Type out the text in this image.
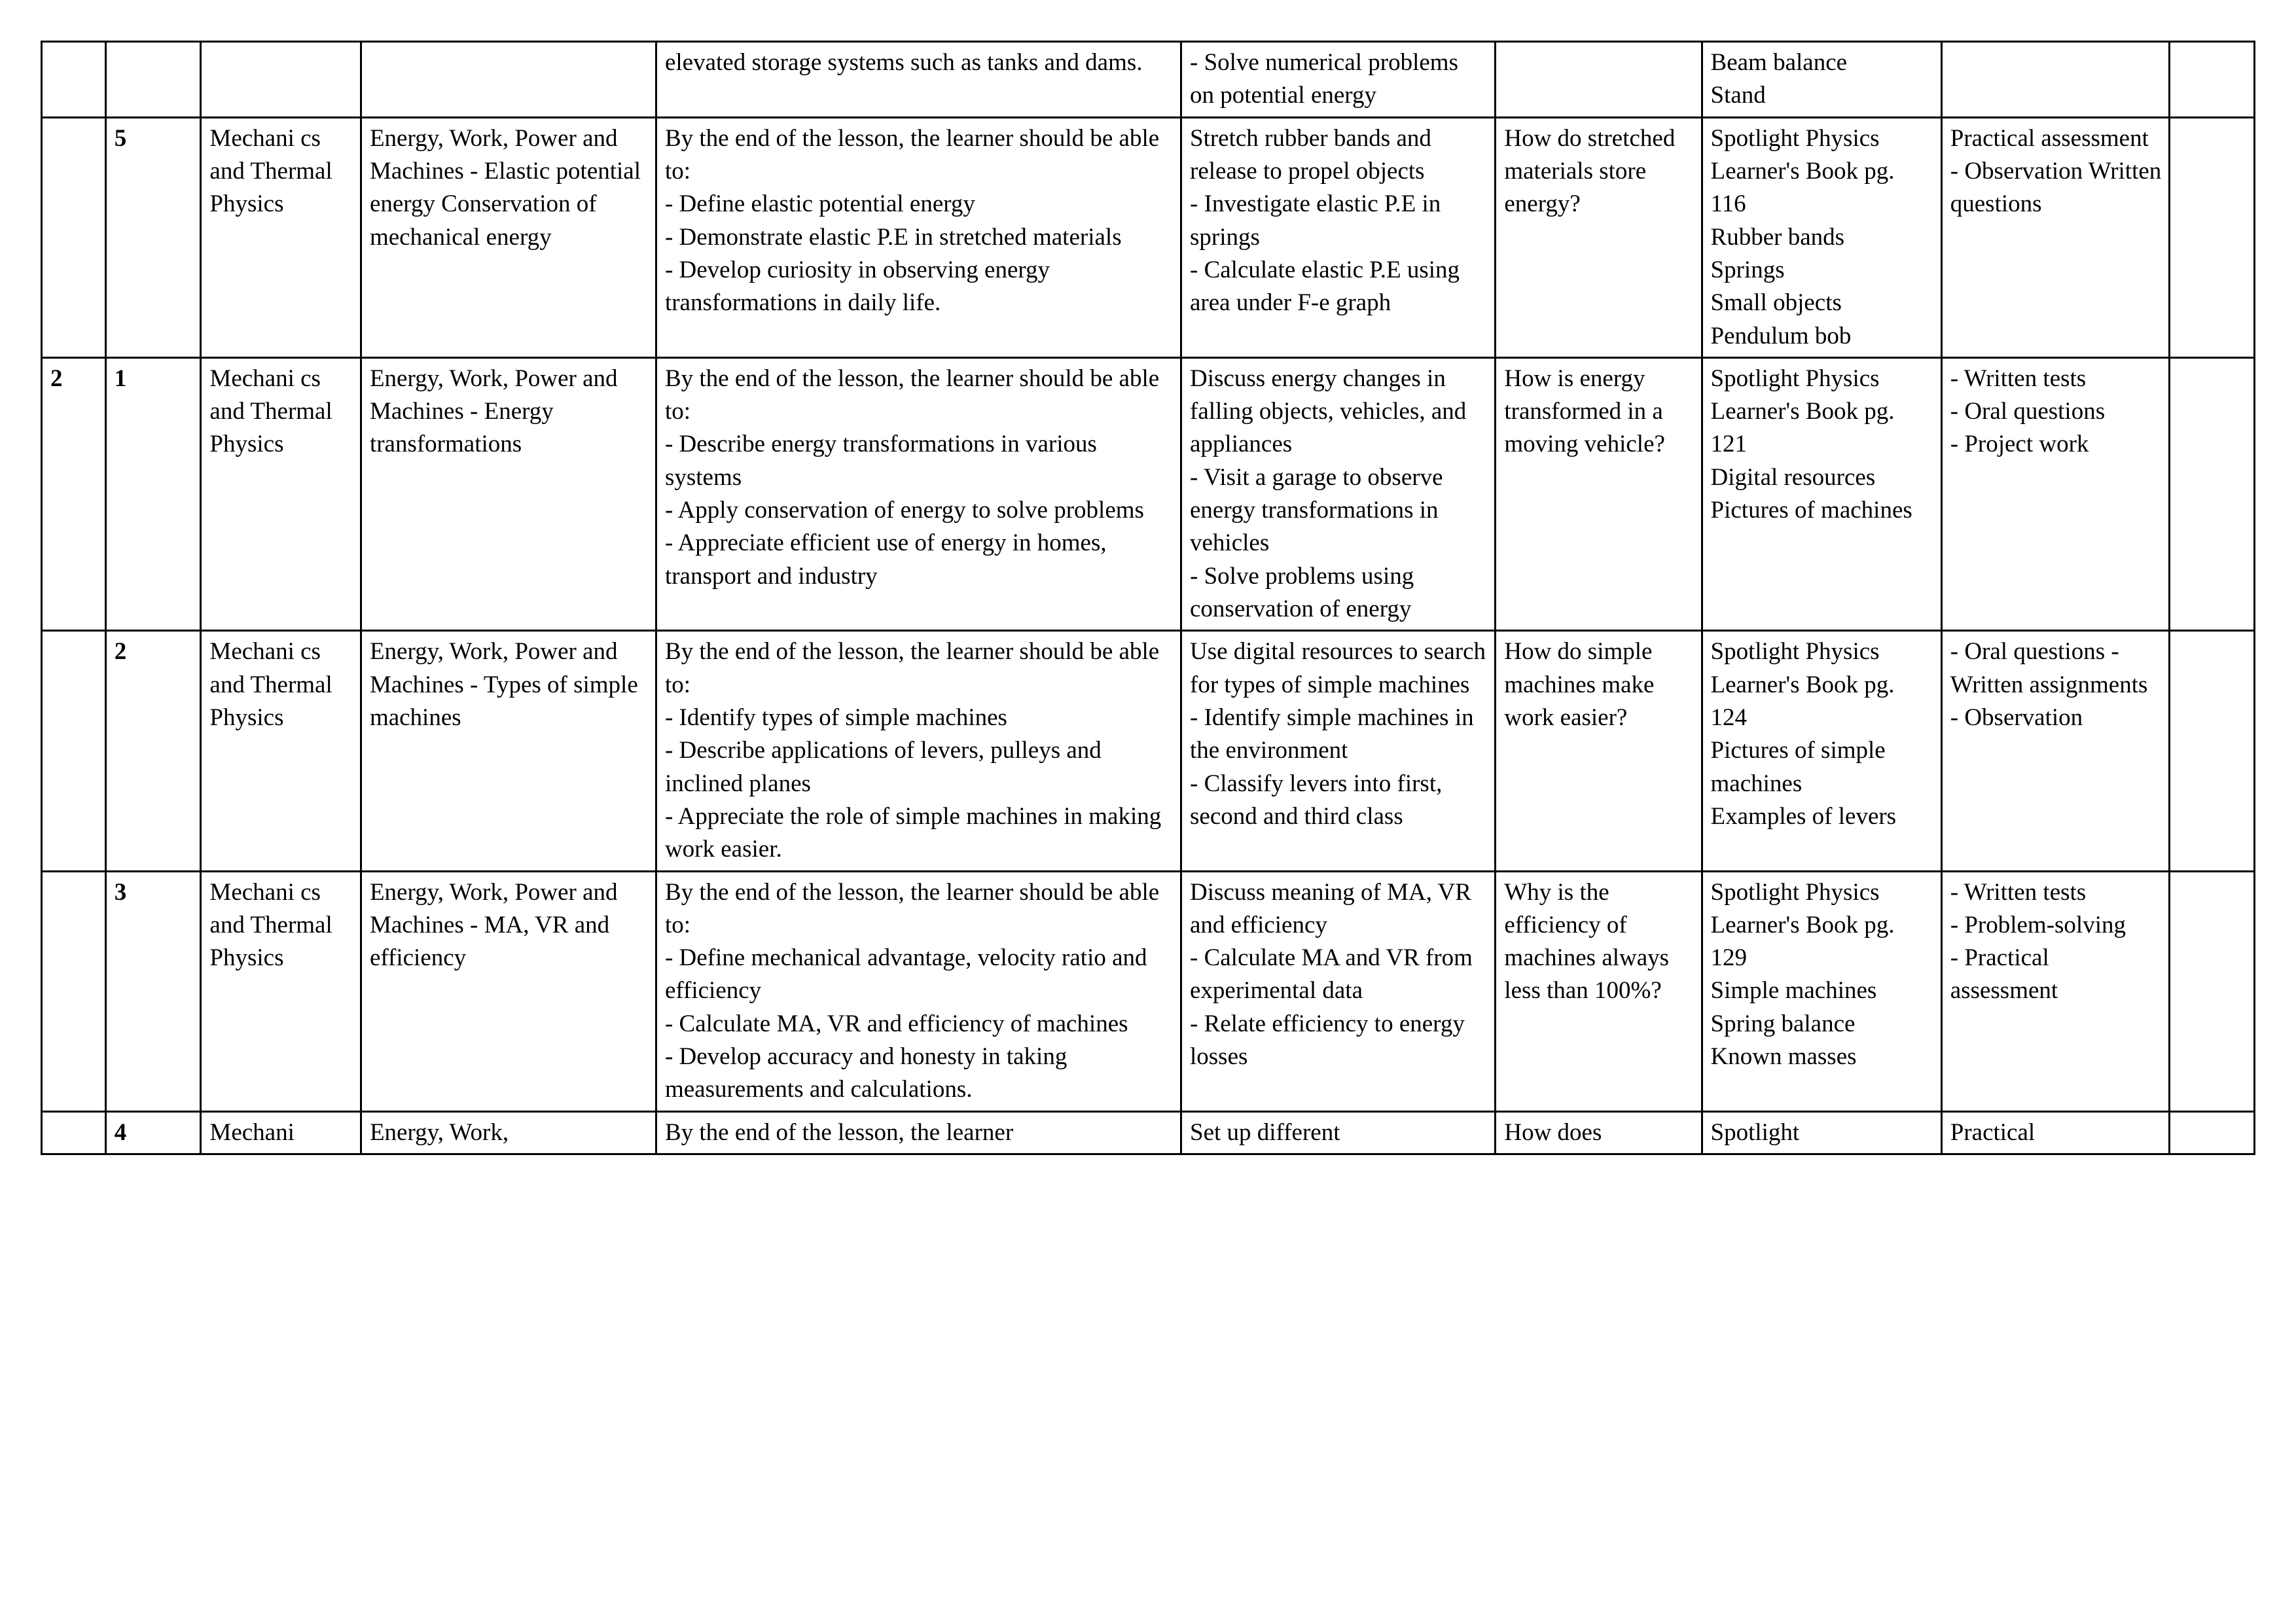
				elevated storage systems such as tanks and dams.	- Solve numerical problems on potential energy		Beam balance
Stand		
	5	Mechani cs and Thermal Physics	Energy, Work, Power and Machines - Elastic potential energy Conservation of mechanical energy	By the end of the lesson, the learner should be able to:
- Define elastic potential energy
- Demonstrate elastic P.E in stretched materials
- Develop curiosity in observing energy transformations in daily life.	Stretch rubber bands and release to propel objects
- Investigate elastic P.E in springs
- Calculate elastic P.E using area under F-e graph	How do stretched materials store energy?	Spotlight Physics Learner's Book pg. 116
Rubber bands
Springs
Small objects
Pendulum bob	Practical assessment - Observation Written questions	
2	1	Mechani cs and Thermal Physics	Energy, Work, Power and Machines - Energy transformations	By the end of the lesson, the learner should be able to:
- Describe energy transformations in various systems
- Apply conservation of energy to solve problems
- Appreciate efficient use of energy in homes, transport and industry	Discuss energy changes in falling objects, vehicles, and appliances
- Visit a garage to observe energy transformations in vehicles
- Solve problems using conservation of energy	How is energy transformed in a moving vehicle?	Spotlight Physics Learner's Book pg. 121
Digital resources
Pictures of machines	- Written tests
- Oral questions
- Project work	
	2	Mechani cs and Thermal Physics	Energy, Work, Power and Machines - Types of simple machines	By the end of the lesson, the learner should be able to:
- Identify types of simple machines
- Describe applications of levers, pulleys and inclined planes
- Appreciate the role of simple machines in making work easier.	Use digital resources to search for types of simple machines
- Identify simple machines in the environment
- Classify levers into first, second and third class	How do simple machines make work easier?	Spotlight Physics Learner's Book pg. 124
Pictures of simple machines
Examples of levers	- Oral questions - Written assignments
- Observation	
	3	Mechani cs and Thermal Physics	Energy, Work, Power and Machines - MA, VR and efficiency	By the end of the lesson, the learner should be able to:
- Define mechanical advantage, velocity ratio and efficiency
- Calculate MA, VR and efficiency of machines
- Develop accuracy and honesty in taking measurements and calculations.	Discuss meaning of MA, VR and efficiency
- Calculate MA and VR from experimental data
- Relate efficiency to energy losses	Why is the efficiency of machines always less than 100%?	Spotlight Physics Learner's Book pg. 129
Simple machines
Spring balance
Known masses	- Written tests
- Problem-solving
- Practical assessment	
	4	Mechani	Energy, Work,	By the end of the lesson, the learner	Set up different	How does	Spotlight	Practical	
